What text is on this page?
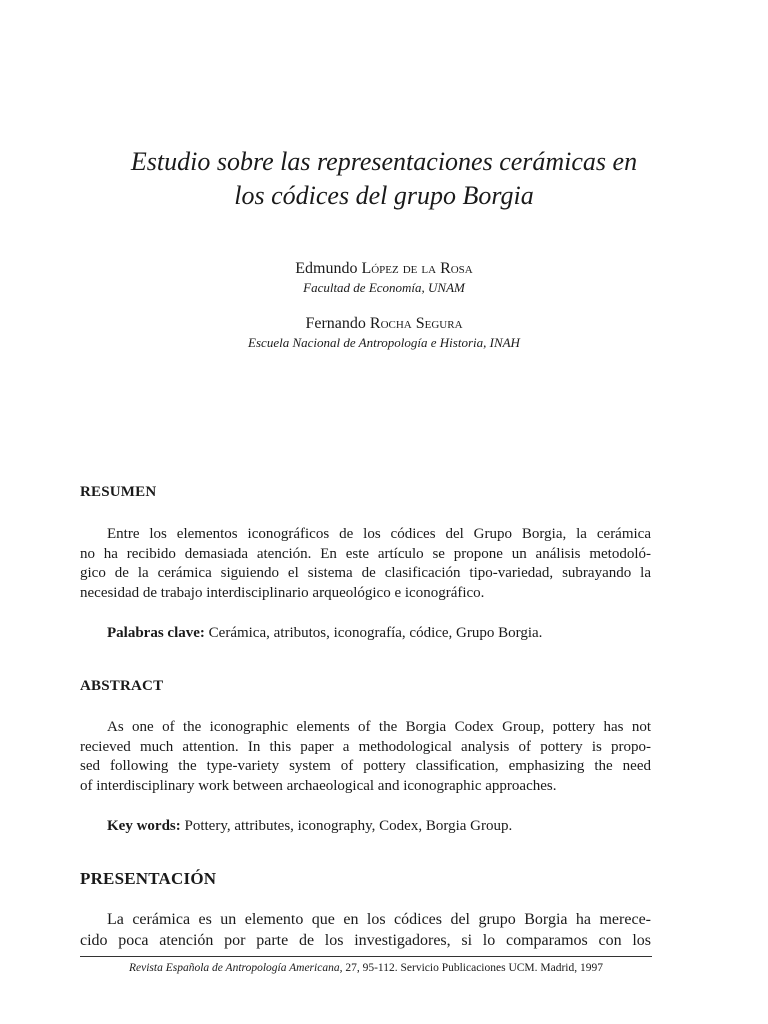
Estudio sobre las representaciones cerámicas en
los códices del grupo Borgia
Edmundo López de la Rosa
Facultad de Economía, UNAM
Fernando Rocha Segura
Escuela Nacional de Antropología e Historia, INAH
RESUMEN

Entre los elementos iconográficos de los códices del Grupo Borgia, la cerámica
no ha recibido demasiada atención. En este artículo se propone un análisis metodoló-
gico de la cerámica siguiendo el sistema de clasificación tipo-variedad, subrayando la
necesidad de trabajo interdisciplinario arqueológico e iconográfico.

Palabras clave: Cerámica, atributos, iconografía, códice, Grupo Borgia.

ABSTRACT

As one of the iconographic elements of the Borgia Codex Group, pottery has not
recieved much attention. In this paper a methodological analysis of pottery is propo-
sed following the type-variety system of pottery classification, emphasizing the need
of interdisciplinary work between archaeological and iconographic approaches.

Key words: Pottery, attributes, iconography, Codex, Borgia Group.

PRESENTACIÓN

La cerámica es un elemento que en los códices del grupo Borgia ha merece-
cido poca atención por parte de los investigadores, si lo comparamos con los

Revista Española de Antropología Americana, 27, 95-112. Servicio Publicaciones UCM. Madrid, 1997
